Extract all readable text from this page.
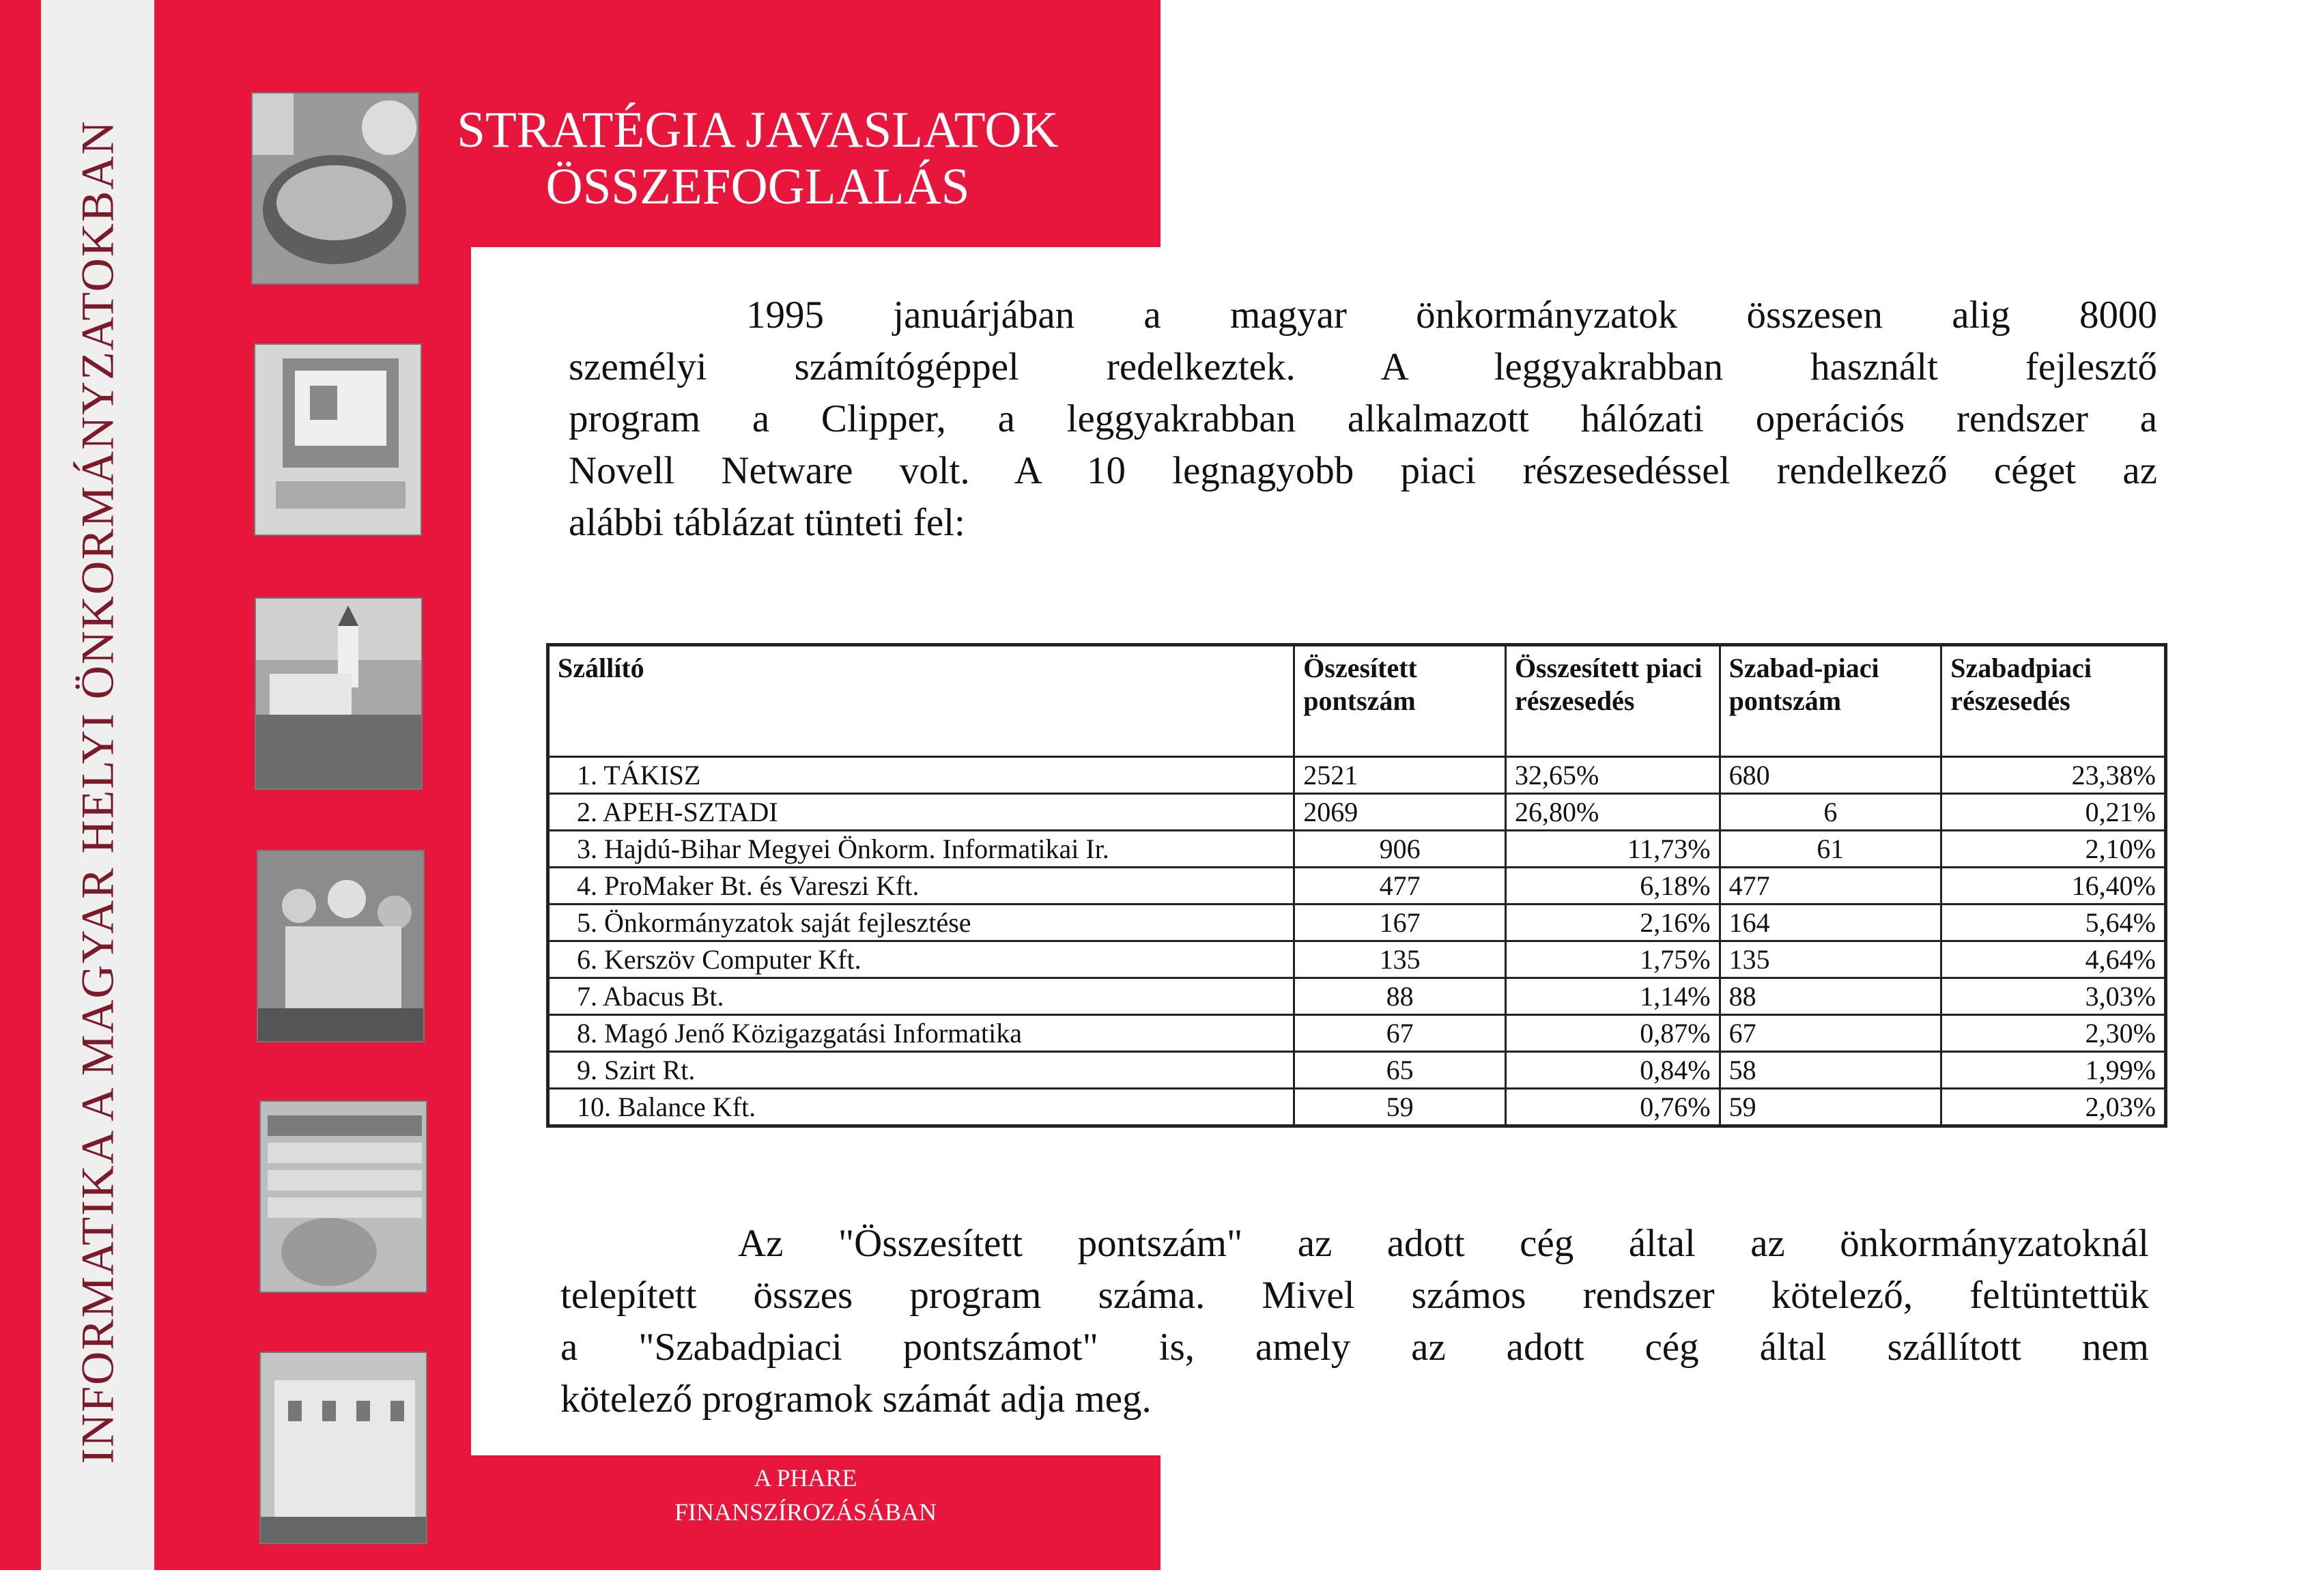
INFORMATIKA A MAGYAR HELYI ÖNKORMÁNYZATOKBAN	STRATÉGIA JAVASLATOK
ÖSSZEFOGLALÁS
A PHARE
FINANSZÍROZÁSÁBAN
1995 januárjában a magyar önkormányzatok összesen alig 8000
személyi számítógéppel redelkeztek. A leggyakrabban használt fejlesztő
program a Clipper, a leggyakrabban alkalmazott hálózati operációs rendszer a
Novell Netware volt. A 10 legnagyobb piaci részesedéssel rendelkező céget az
alábbi táblázat tünteti fel:
Szállító	Öszesített pontszám	Összesített piaci részesedés	Szabad-piaci pontszám	Szabadpiaci részesedés
1. TÁKISZ	2521	32,65%	680	23,38%
2. APEH-SZTADI	2069	26,80%	6	0,21%
3. Hajdú-Bihar Megyei Önkorm. Informatikai Ir.	906	11,73%	61	2,10%
4. ProMaker Bt. és Vareszi Kft.	477	6,18%	477	16,40%
5. Önkormányzatok saját fejlesztése	167	2,16%	164	5,64%
6. Kerszöv Computer Kft.	135	1,75%	135	4,64%
7. Abacus Bt.	88	1,14%	88	3,03%
8. Magó Jenő Közigazgatási Informatika	67	0,87%	67	2,30%
9. Szirt Rt.	65	0,84%	58	1,99%
10. Balance Kft.	59	0,76%	59	2,03%
Az "Összesített pontszám" az adott cég által az önkormányzatoknál
telepített összes program száma. Mivel számos rendszer kötelező, feltüntettük
a "Szabadpiaci pontszámot" is, amely az adott cég által szállított nem
kötelező programok számát adja meg.
